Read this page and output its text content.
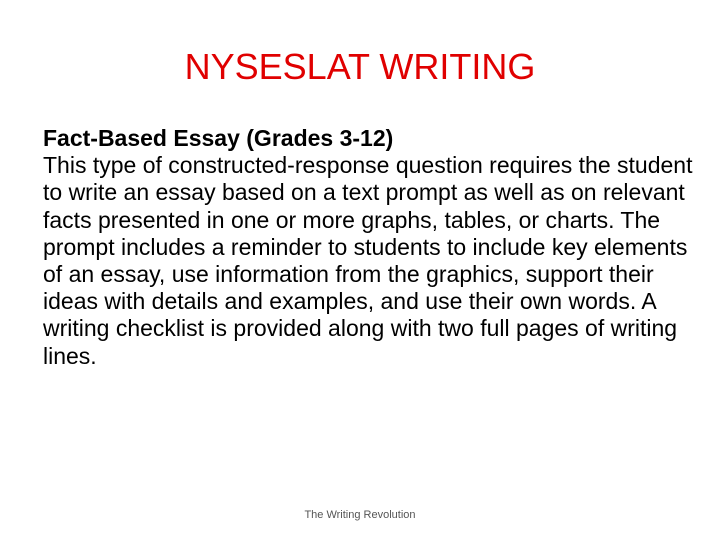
NYSESLAT WRITING
Fact-Based Essay (Grades 3-12)
This type of constructed-response question requires the student to write an essay based on a text prompt as well as on relevant facts presented in one or more graphs, tables, or charts. The prompt includes a reminder to students to include key elements of an essay, use information from the graphics, support their ideas with details and examples, and use their own words. A writing checklist is provided along with two full pages of writing lines.
The Writing Revolution
